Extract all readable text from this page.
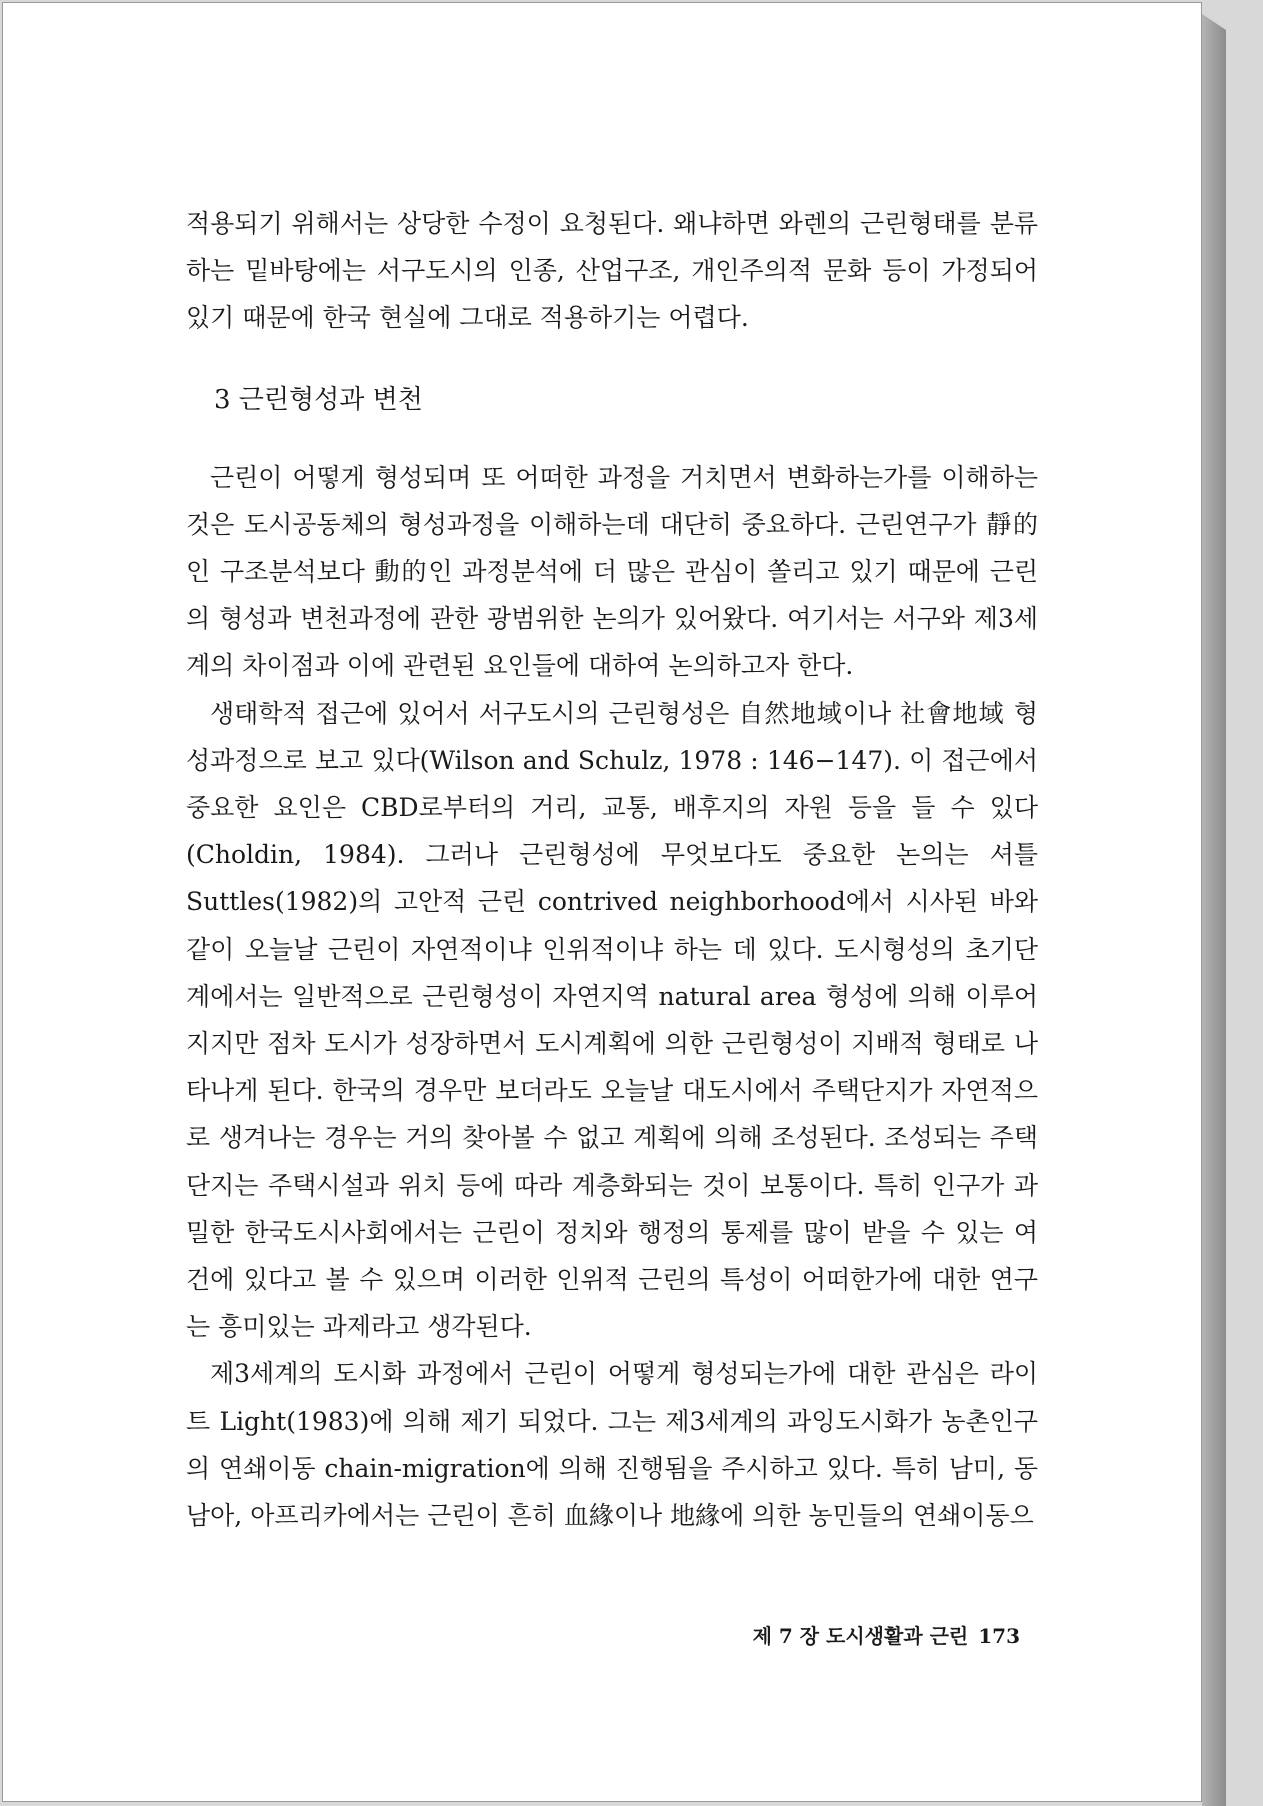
적용되기 위해서는 상당한 수정이 요청된다. 왜냐하면 와렌의 근린형태를 분류하는 밑바탕에는 서구도시의 인종, 산업구조, 개인주의적 문화 등이 가정되어 있기 때문에 한국 현실에 그대로 적용하기는 어렵다.

3 근린형성과 변천

근린이 어떻게 형성되며 또 어떠한 과정을 거치면서 변화하는가를 이해하는 것은 도시공동체의 형성과정을 이해하는데 대단히 중요하다. 근린연구가 靜的인 구조분석보다 動的인 과정분석에 더 많은 관심이 쏠리고 있기 때문에 근린의 형성과 변천과정에 관한 광범위한 논의가 있어왔다. 여기서는 서구와 제3세계의 차이점과 이에 관련된 요인들에 대하여 논의하고자 한다.

생태학적 접근에 있어서 서구도시의 근린형성은 自然地域이나 社會地域 형성과정으로 보고 있다(Wilson and Schulz, 1978 : 146−147). 이 접근에서 중요한 요인은 CBD로부터의 거리, 교통, 배후지의 자원 등을 들 수 있다(Choldin, 1984). 그러나 근린형성에 무엇보다도 중요한 논의는 셔틀Suttles(1982)의 고안적 근린 contrived neighborhood에서 시사된 바와 같이 오늘날 근린이 자연적이냐 인위적이냐 하는 데 있다. 도시형성의 초기단계에서는 일반적으로 근린형성이 자연지역 natural area 형성에 의해 이루어지지만 점차 도시가 성장하면서 도시계획에 의한 근린형성이 지배적 형태로 나타나게 된다. 한국의 경우만 보더라도 오늘날 대도시에서 주택단지가 자연적으로 생겨나는 경우는 거의 찾아볼 수 없고 계획에 의해 조성된다. 조성되는 주택단지는 주택시설과 위치 등에 따라 계층화되는 것이 보통이다. 특히 인구가 과밀한 한국도시사회에서는 근린이 정치와 행정의 통제를 많이 받을 수 있는 여건에 있다고 볼 수 있으며 이러한 인위적 근린의 특성이 어떠한가에 대한 연구는 흥미있는 과제라고 생각된다.

제3세계의 도시화 과정에서 근린이 어떻게 형성되는가에 대한 관심은 라이트 Light(1983)에 의해 제기 되었다. 그는 제3세계의 과잉도시화가 농촌인구의 연쇄이동 chain-migration에 의해 진행됨을 주시하고 있다. 특히 남미, 동남아, 아프리카에서는 근린이 흔히 血緣이나 地緣에 의한 농민들의 연쇄이동으

제 7 장 도시생활과 근린 173
